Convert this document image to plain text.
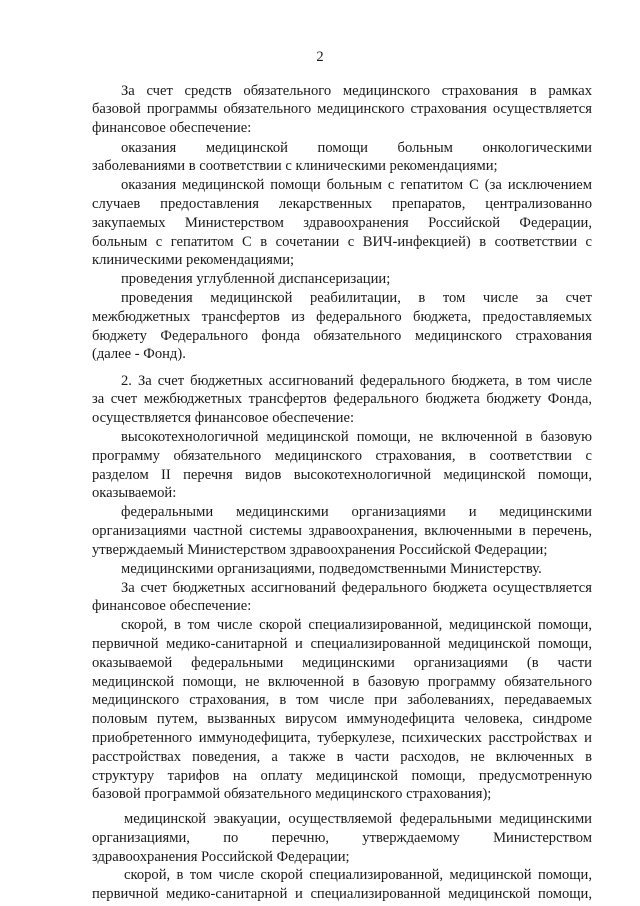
2
За счет средств обязательного медицинского страхования в рамках
базовой программы обязательного медицинского страхования осуществляется
финансовое обеспечение:
оказания медицинской помощи больным онкологическими
заболеваниями в соответствии с клиническими рекомендациями;
оказания медицинской помощи больным с гепатитом С (за исключением
случаев предоставления лекарственных препаратов, централизованно
закупаемых Министерством здравоохранения Российской Федерации,
больным с гепатитом С в сочетании с ВИЧ-инфекцией) в соответствии с
клиническими рекомендациями;
проведения углубленной диспансеризации;
проведения медицинской реабилитации, в том числе за счет
межбюджетных трансфертов из федерального бюджета, предоставляемых
бюджету Федерального фонда обязательного медицинского страхования
(далее - Фонд).
2. За счет бюджетных ассигнований федерального бюджета, в том числе
за счет межбюджетных трансфертов федерального бюджета бюджету Фонда,
осуществляется финансовое обеспечение:
высокотехнологичной медицинской помощи, не включенной в базовую
программу обязательного медицинского страхования, в соответствии с
разделом II перечня видов высокотехнологичной медицинской помощи,
оказываемой:
федеральными медицинскими организациями и медицинскими
организациями частной системы здравоохранения, включенными в перечень,
утверждаемый Министерством здравоохранения Российской Федерации;
медицинскими организациями, подведомственными Министерству.
За счет бюджетных ассигнований федерального бюджета осуществляется
финансовое обеспечение:
скорой, в том числе скорой специализированной, медицинской помощи,
первичной медико-санитарной и специализированной медицинской помощи,
оказываемой федеральными медицинскими организациями (в части
медицинской помощи, не включенной в базовую программу обязательного
медицинского страхования, в том числе при заболеваниях, передаваемых
половым путем, вызванных вирусом иммунодефицита человека, синдроме
приобретенного иммунодефицита, туберкулезе, психических расстройствах и
расстройствах поведения, а также в части расходов, не включенных в
структуру тарифов на оплату медицинской помощи, предусмотренную
базовой программой обязательного медицинского страхования);
медицинской эвакуации, осуществляемой федеральными медицинскими
организациями, по перечню, утверждаемому Министерством
здравоохранения Российской Федерации;
скорой, в том числе скорой специализированной, медицинской помощи,
первичной медико-санитарной и специализированной медицинской помощи,
